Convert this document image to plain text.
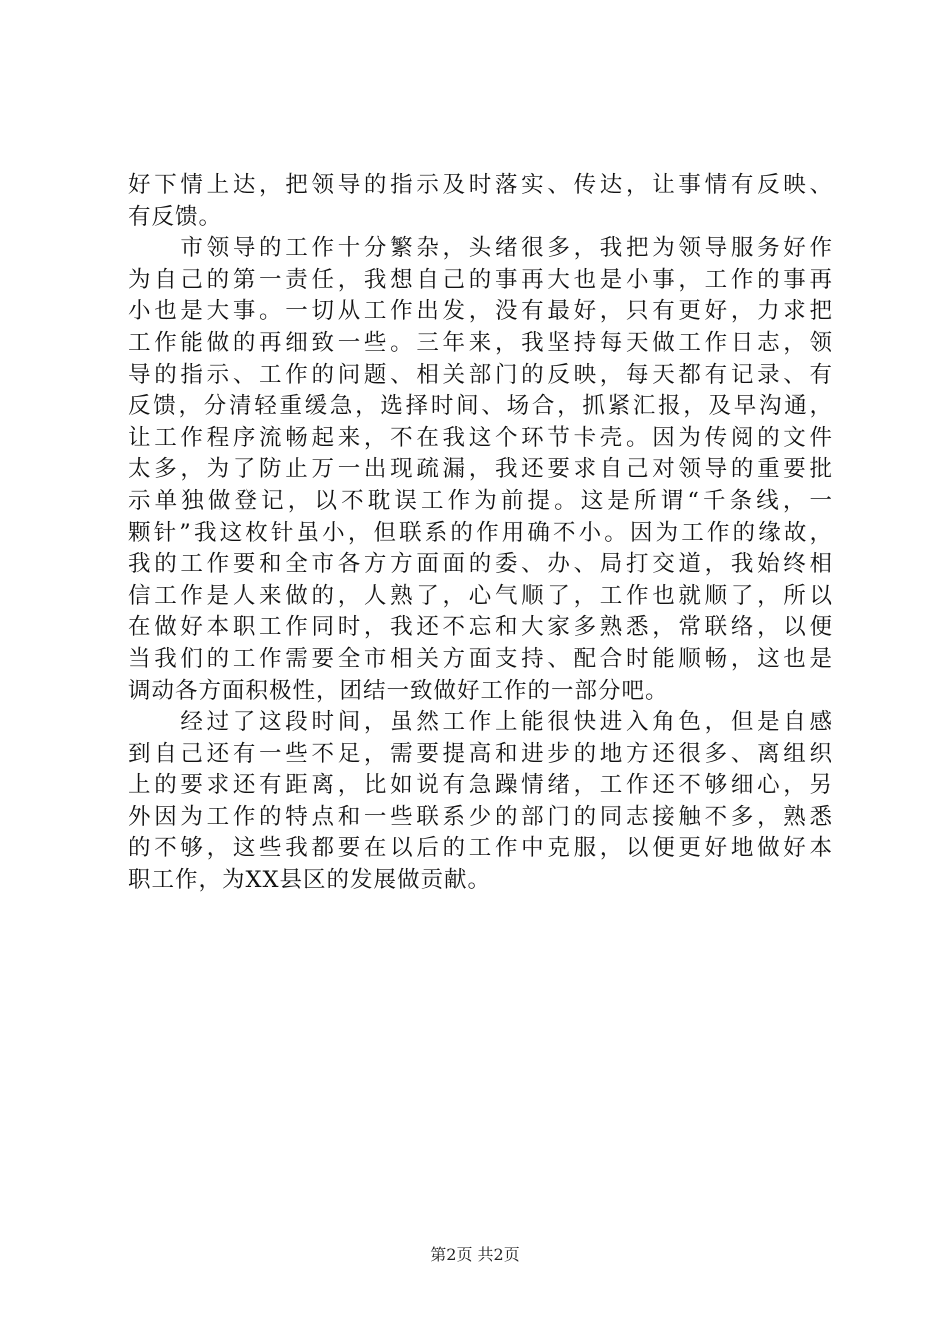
好下情上达，把领导的指示及时落实、传达，让事情有反映、
有反馈。
　　市领导的工作十分繁杂，头绪很多，我把为领导服务好作
为自己的第一责任，我想自己的事再大也是小事，工作的事再
小也是大事。一切从工作出发，没有最好，只有更好，力求把
工作能做的再细致一些。三年来，我坚持每天做工作日志，领
导的指示、工作的问题、相关部门的反映，每天都有记录、有
反馈，分清轻重缓急，选择时间、场合，抓紧汇报，及早沟通，
让工作程序流畅起来，不在我这个环节卡壳。因为传阅的文件
太多，为了防止万一出现疏漏，我还要求自己对领导的重要批
示单独做登记，以不耽误工作为前提。这是所谓“千条线，一
颗针”我这枚针虽小，但联系的作用确不小。因为工作的缘故，
我的工作要和全市各方方面面的委、办、局打交道，我始终相
信工作是人来做的，人熟了，心气顺了，工作也就顺了，所以
在做好本职工作同时，我还不忘和大家多熟悉，常联络，以便
当我们的工作需要全市相关方面支持、配合时能顺畅，这也是
调动各方面积极性，团结一致做好工作的一部分吧。
　　经过了这段时间，虽然工作上能很快进入角色，但是自感
到自己还有一些不足，需要提高和进步的地方还很多、离组织
上的要求还有距离，比如说有急躁情绪，工作还不够细心，另
外因为工作的特点和一些联系少的部门的同志接触不多，熟悉
的不够，这些我都要在以后的工作中克服，以便更好地做好本
职工作，为XX县区的发展做贡献。
第2页 共2页
